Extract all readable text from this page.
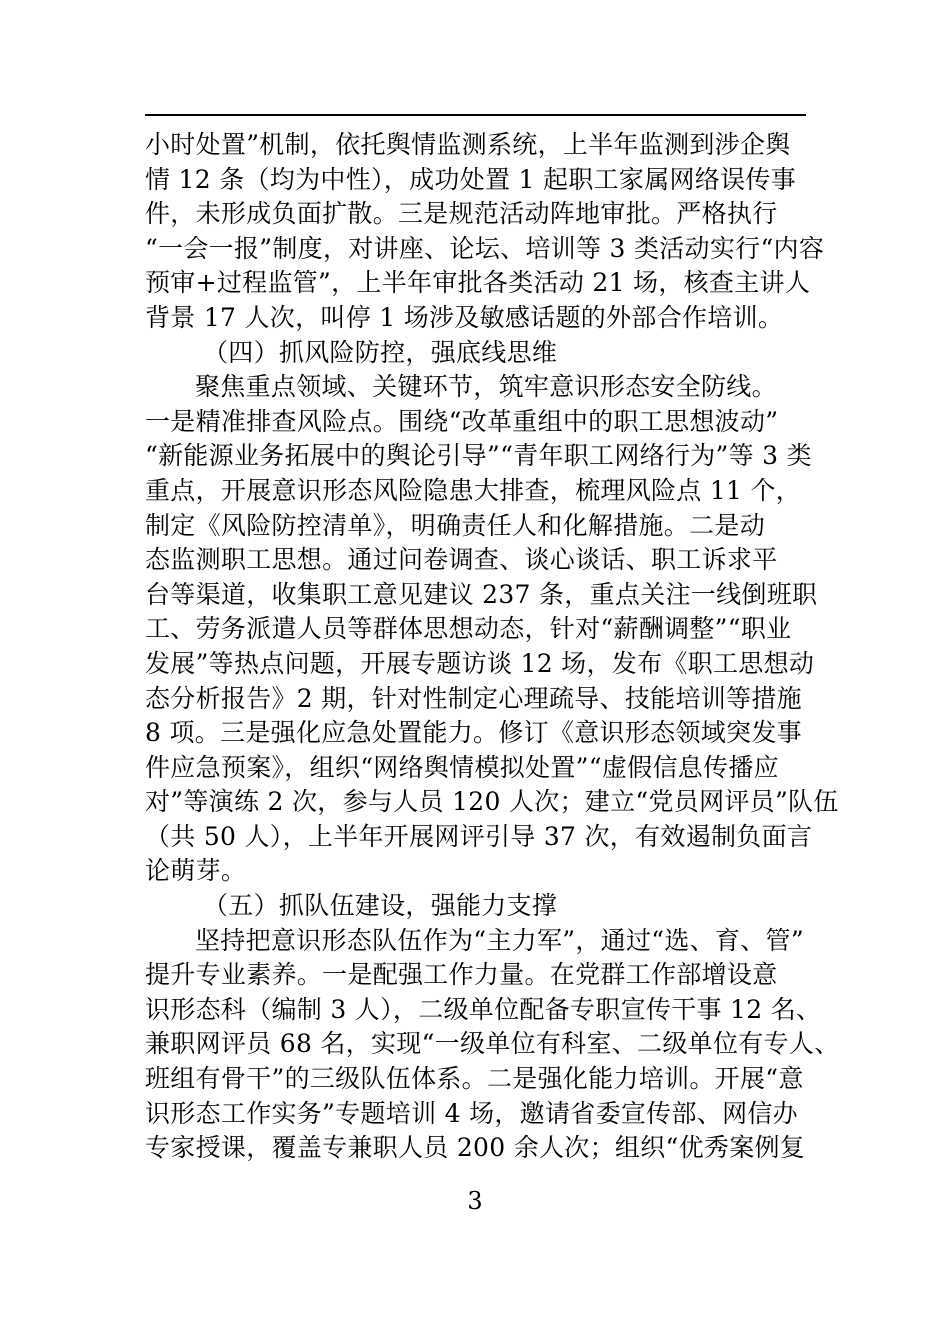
小时处置”机制，依托舆情监测系统，上半年监测到涉企舆
情 12 条（均为中性），成功处置 1 起职工家属网络误传事
件，未形成负面扩散。三是规范活动阵地审批。严格执行
“一会一报”制度，对讲座、论坛、培训等 3 类活动实行“内容
预审+过程监管”，上半年审批各类活动 21 场，核查主讲人
背景 17 人次，叫停 1 场涉及敏感话题的外部合作培训。
（四）抓风险防控，强底线思维
聚焦重点领域、关键环节，筑牢意识形态安全防线。
一是精准排查风险点。围绕“改革重组中的职工思想波动”
“新能源业务拓展中的舆论引导”“青年职工网络行为”等 3 类
重点，开展意识形态风险隐患大排查，梳理风险点 11 个，
制定《风险防控清单》，明确责任人和化解措施。二是动
态监测职工思想。通过问卷调查、谈心谈话、职工诉求平
台等渠道，收集职工意见建议 237 条，重点关注一线倒班职
工、劳务派遣人员等群体思想动态，针对“薪酬调整”“职业
发展”等热点问题，开展专题访谈 12 场，发布《职工思想动
态分析报告》2 期，针对性制定心理疏导、技能培训等措施
8 项。三是强化应急处置能力。修订《意识形态领域突发事
件应急预案》，组织“网络舆情模拟处置”“虚假信息传播应
对”等演练 2 次，参与人员 120 人次；建立“党员网评员”队伍
（共 50 人），上半年开展网评引导 37 次，有效遏制负面言
论萌芽。
（五）抓队伍建设，强能力支撑
坚持把意识形态队伍作为“主力军”，通过“选、育、管”
提升专业素养。一是配强工作力量。在党群工作部增设意
识形态科（编制 3 人），二级单位配备专职宣传干事 12 名、
兼职网评员 68 名，实现“一级单位有科室、二级单位有专人、
班组有骨干”的三级队伍体系。二是强化能力培训。开展“意
识形态工作实务”专题培训 4 场，邀请省委宣传部、网信办
专家授课，覆盖专兼职人员 200 余人次；组织“优秀案例复
3
